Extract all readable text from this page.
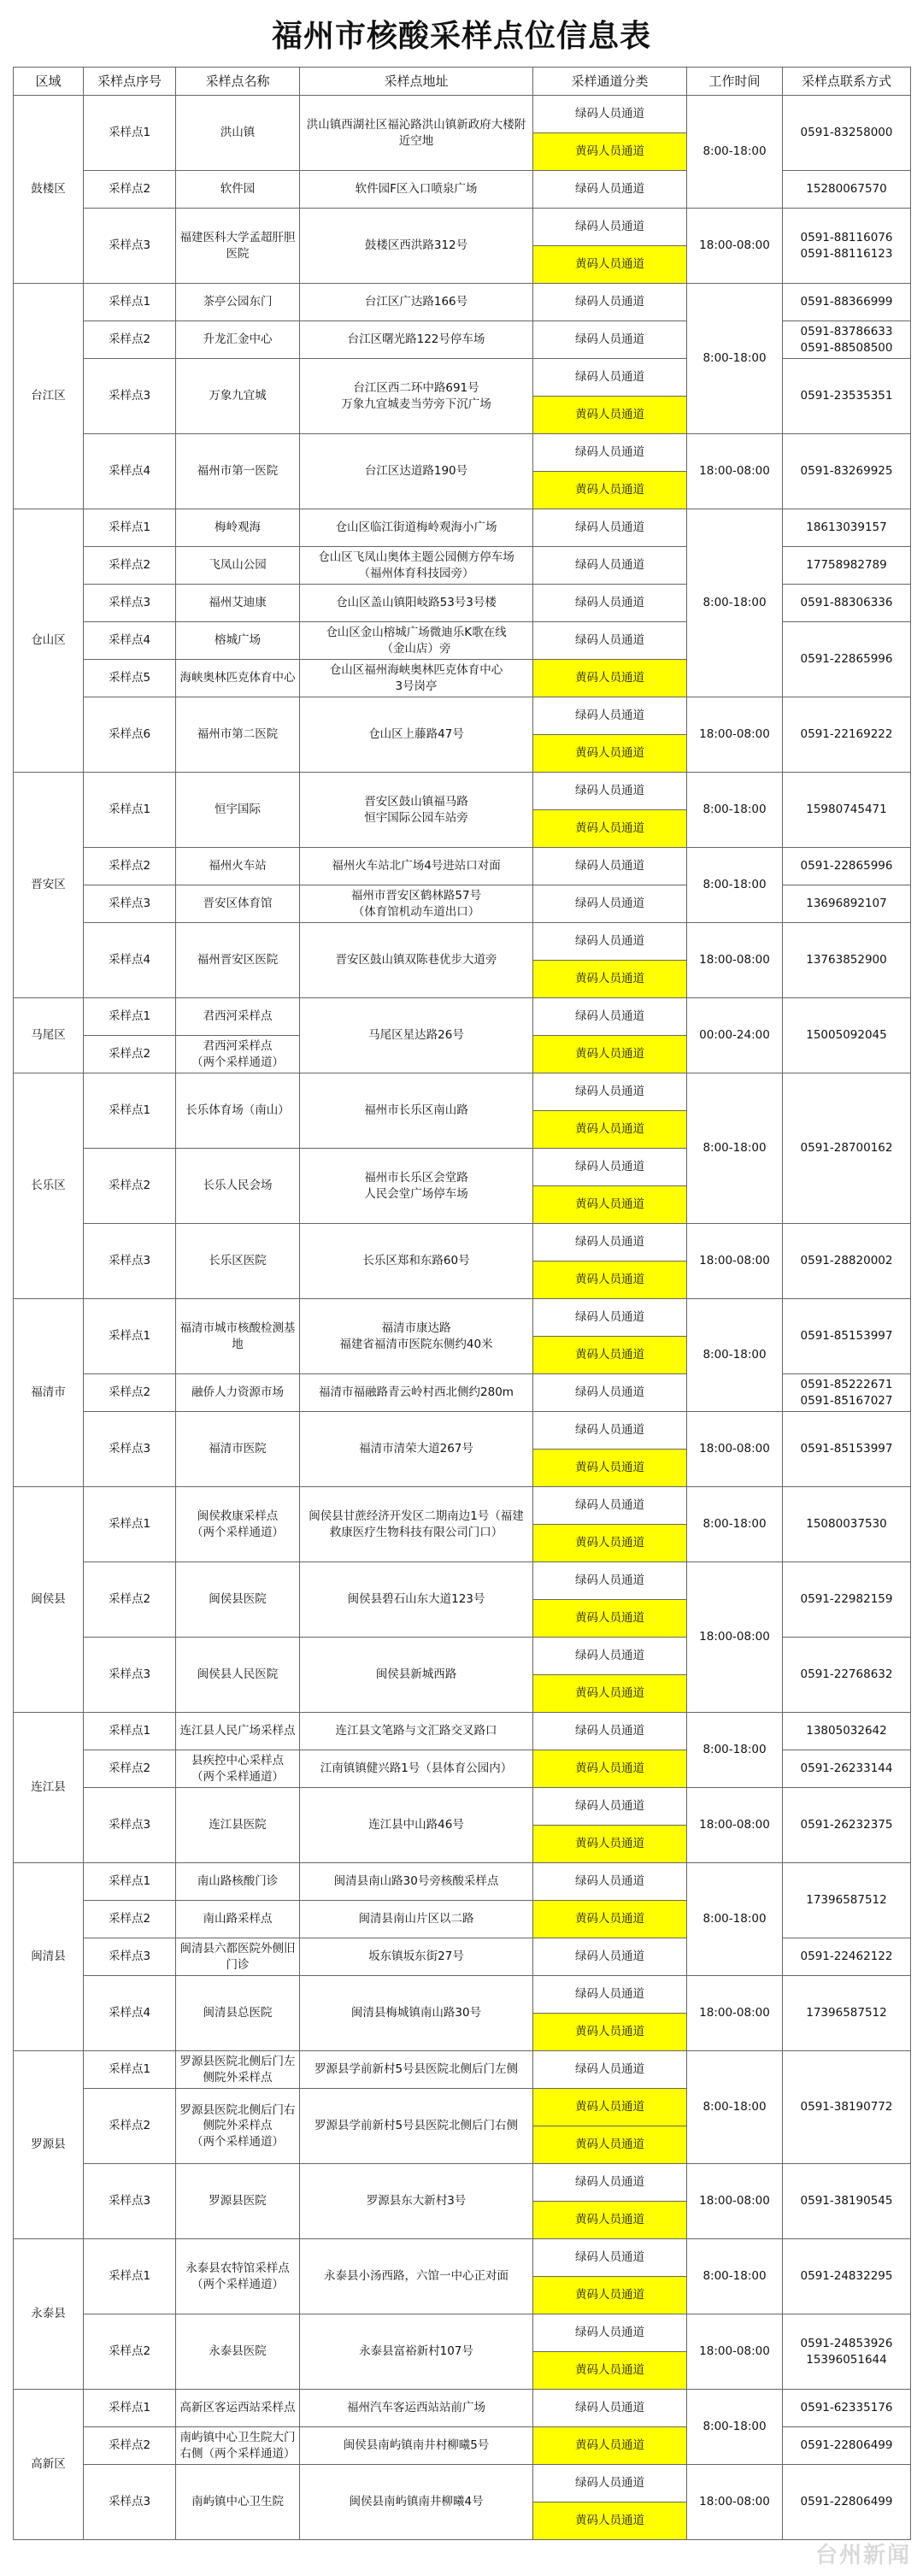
福州市核酸采样点位信息表
区域	采样点序号	采样点名称	采样点地址	采样通道分类	工作时间	采样点联系方式

鼓楼区	采样点1	洪山镇	洪山镇西湖社区福沁路洪山镇新政府大楼附近空地	绿码人员通道	8:00-18:00	0591-83258000

				黄码人员通道		

	采样点2	软件园	软件园F区入口喷泉广场	绿码人员通道		15280067570

	采样点3	福建医科大学孟超肝胆医院	鼓楼区西洪路312号	绿码人员通道	18:00-08:00	0591-88116076
0591-88116123

				黄码人员通道		

台江区	采样点1	茶亭公园东门	台江区广达路166号	绿码人员通道	8:00-18:00	0591-88366999

	采样点2	升龙汇金中心	台江区曙光路122号停车场	绿码人员通道		0591-83786633
0591-88508500

	采样点3	万象九宜城	台江区西二环中路691号
万象九宜城麦当劳旁下沉广场	绿码人员通道		0591-23535351

				黄码人员通道		

	采样点4	福州市第一医院	台江区达道路190号	绿码人员通道	18:00-08:00	0591-83269925

				黄码人员通道		

仓山区	采样点1	梅岭观海	仓山区临江街道梅岭观海小广场	绿码人员通道	8:00-18:00	18613039157

	采样点2	飞凤山公园	仓山区飞凤山奥体主题公园侧方停车场
（福州体育科技园旁）	绿码人员通道		17758982789

	采样点3	福州艾迪康	仓山区盖山镇阳岐路53号3号楼	绿码人员通道		0591-88306336

	采样点4	榕城广场	仓山区金山榕城广场微迪乐K歌在线
（金山店）旁	绿码人员通道		0591-22865996

	采样点5	海峡奥林匹克体育中心	仓山区福州海峡奥林匹克体育中心
3号岗亭	黄码人员通道		

	采样点6	福州市第二医院	仓山区上藤路47号	绿码人员通道	18:00-08:00	0591-22169222

				黄码人员通道		

晋安区	采样点1	恒宇国际	晋安区鼓山镇福马路
恒宇国际公园车站旁	绿码人员通道	8:00-18:00	15980745471

				黄码人员通道		

	采样点2	福州火车站	福州火车站北广场4号进站口对面	绿码人员通道	8:00-18:00	0591-22865996

	采样点3	晋安区体育馆	福州市晋安区鹤林路57号
（体育馆机动车道出口）	绿码人员通道		13696892107

	采样点4	福州晋安区医院	晋安区鼓山镇双陈巷优步大道旁	绿码人员通道	18:00-08:00	13763852900

				黄码人员通道		

马尾区	采样点1	君西河采样点	马尾区星达路26号	绿码人员通道	00:00-24:00	15005092045

	采样点2	君西河采样点
（两个采样通道）		黄码人员通道		

长乐区	采样点1	长乐体育场（南山）	福州市长乐区南山路	绿码人员通道	8:00-18:00	0591-28700162

				黄码人员通道		

	采样点2	长乐人民会场	福州市长乐区会堂路
人民会堂广场停车场	绿码人员通道		

				黄码人员通道		

	采样点3	长乐区医院	长乐区郑和东路60号	绿码人员通道	18:00-08:00	0591-28820002

				黄码人员通道		

福清市	采样点1	福清市城市核酸检测基地	福清市康达路
福建省福清市医院东侧约40米	绿码人员通道	8:00-18:00	0591-85153997

				黄码人员通道		

	采样点2	融侨人力资源市场	福清市福融路青云岭村西北侧约280m	绿码人员通道		0591-85222671
0591-85167027

	采样点3	福清市医院	福清市清荣大道267号	绿码人员通道	18:00-08:00	0591-85153997

				黄码人员通道		

闽侯县	采样点1	闽侯救康采样点
（两个采样通道）	闽侯县甘蔗经济开发区二期南边1号（福建救康医疗生物科技有限公司门口）	绿码人员通道	8:00-18:00	15080037530

				黄码人员通道		

	采样点2	闽侯县医院	闽侯县碧石山东大道123号	绿码人员通道	18:00-08:00	0591-22982159

				黄码人员通道		

	采样点3	闽侯县人民医院	闽侯县新城西路	绿码人员通道		0591-22768632

				黄码人员通道		

连江县	采样点1	连江县人民广场采样点	连江县文笔路与文汇路交叉路口	绿码人员通道	8:00-18:00	13805032642

	采样点2	县疾控中心采样点
（两个采样通道）	江南镇镇健兴路1号（县体育公园内）	黄码人员通道		0591-26233144

	采样点3	连江县医院	连江县中山路46号	绿码人员通道	18:00-08:00	0591-26232375

				黄码人员通道		

闽清县	采样点1	南山路核酸门诊	闽清县南山路30号旁核酸采样点	绿码人员通道	8:00-18:00	17396587512

	采样点2	南山路采样点	闽清县南山片区以二路	黄码人员通道		

	采样点3	闽清县六都医院外侧旧门诊	坂东镇坂东街27号	绿码人员通道		0591-22462122

	采样点4	闽清县总医院	闽清县梅城镇南山路30号	绿码人员通道	18:00-08:00	17396587512

				黄码人员通道		

罗源县	采样点1	罗源县医院北侧后门左侧院外采样点	罗源县学前新村5号县医院北侧后门左侧	绿码人员通道	8:00-18:00	0591-38190772

	采样点2	罗源县医院北侧后门右侧院外采样点
（两个采样通道）	罗源县学前新村5号县医院北侧后门右侧	黄码人员通道		

				黄码人员通道		

	采样点3	罗源县医院	罗源县东大新村3号	绿码人员通道	18:00-08:00	0591-38190545

				黄码人员通道		

永泰县	采样点1	永泰县农特馆采样点
（两个采样通道）	永泰县小汤西路，六馆一中心正对面	绿码人员通道	8:00-18:00	0591-24832295

				黄码人员通道		

	采样点2	永泰县医院	永泰县富裕新村107号	绿码人员通道	18:00-08:00	0591-24853926
15396051644

				黄码人员通道		

高新区	采样点1	高新区客运西站采样点	福州汽车客运西站站前广场	绿码人员通道	8:00-18:00	0591-62335176

	采样点2	南屿镇中心卫生院大门右侧（两个采样通道）	闽侯县南屿镇南井村柳曦5号	黄码人员通道		0591-22806499

	采样点3	南屿镇中心卫生院	闽侯县南屿镇南井柳曦4号	绿码人员通道	18:00-08:00	0591-22806499

				黄码人员通道		
台州新闻
